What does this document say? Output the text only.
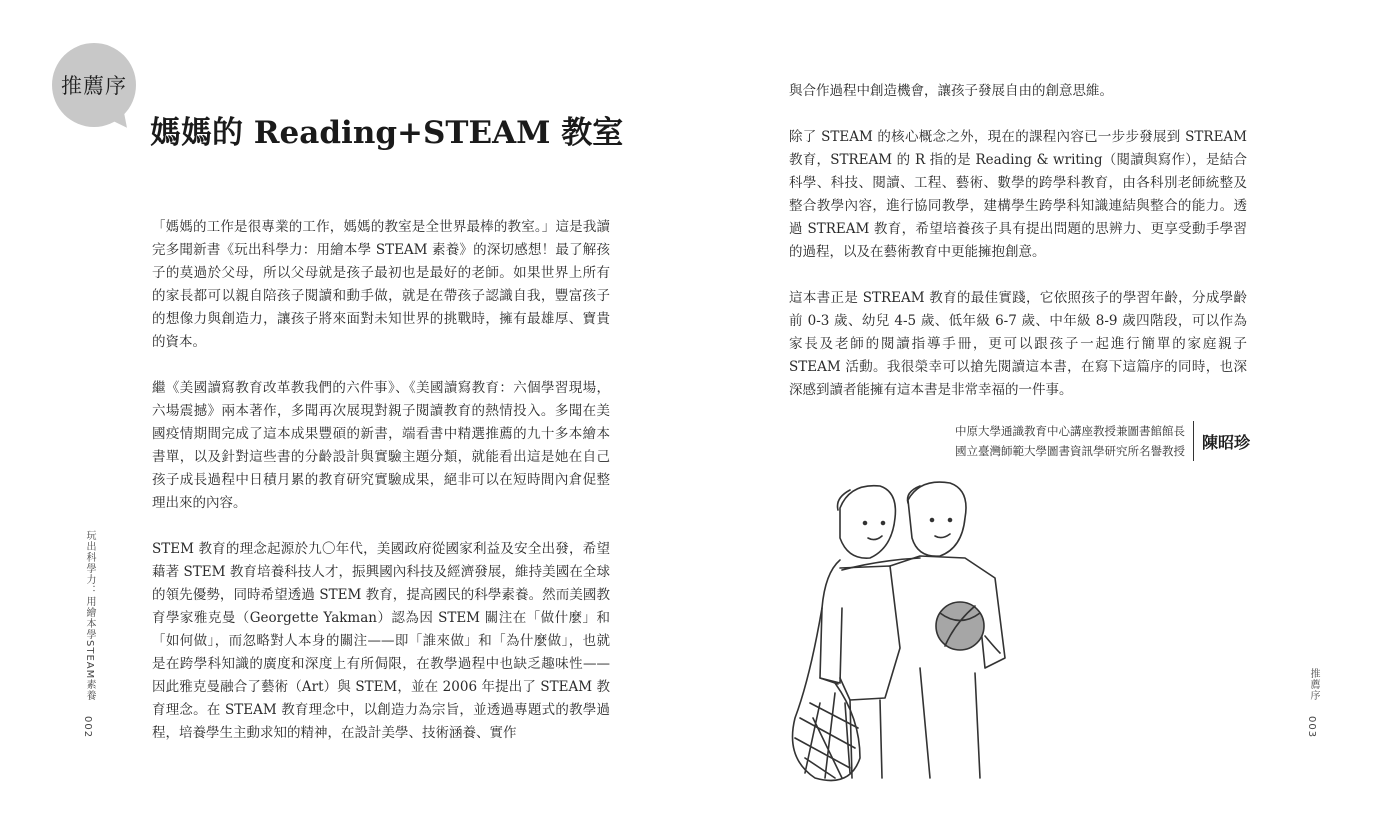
推薦序
媽媽的 Reading+STEAM 教室

「媽媽的工作是很專業的工作，媽媽的教室是全世界最棒的教室。」這是我讀完多聞新書《玩出科學力：用繪本學 STEAM 素養》的深切感想！最了解孩子的莫過於父母，所以父母就是孩子最初也是最好的老師。如果世界上所有的家長都可以親自陪孩子閱讀和動手做，就是在帶孩子認識自我，豐富孩子的想像力與創造力，讓孩子將來面對未知世界的挑戰時，擁有最雄厚、寶貴的資本。

繼《美國讀寫教育改革教我們的六件事》、《美國讀寫教育：六個學習現場，六場震撼》兩本著作，多聞再次展現對親子閱讀教育的熱情投入。多聞在美國疫情期間完成了這本成果豐碩的新書，端看書中精選推薦的九十多本繪本書單，以及針對這些書的分齡設計與實驗主題分類，就能看出這是她在自己孩子成長過程中日積月累的教育研究實驗成果，絕非可以在短時間內倉促整理出來的內容。

STEM 教育的理念起源於九〇年代，美國政府從國家利益及安全出發，希望藉著 STEM 教育培養科技人才，振興國內科技及經濟發展，維持美國在全球的領先優勢，同時希望透過 STEM 教育，提高國民的科學素養。然而美國教育學家雅克曼（Georgette Yakman）認為因 STEM 關注在「做什麼」和「如何做」，而忽略對人本身的關注——即「誰來做」和「為什麼做」，也就是在跨學科知識的廣度和深度上有所侷限，在教學過程中也缺乏趣味性——因此雅克曼融合了藝術（Art）與 STEM，並在 2006 年提出了 STEAM 教育理念。在 STEAM 教育理念中，以創造力為宗旨，並透過專題式的教學過程，培養學生主動求知的精神，在設計美學、技術涵養、實作

玩出科學力：用繪本學STEAM素養
002

與合作過程中創造機會，讓孩子發展自由的創意思維。

除了 STEAM 的核心概念之外，現在的課程內容已一步步發展到 STREAM 教育，STREAM 的 R 指的是 Reading & writing（閱讀與寫作），是結合科學、科技、閱讀、工程、藝術、數學的跨學科教育，由各科別老師統整及整合教學內容，進行協同教學，建構學生跨學科知識連結與整合的能力。透過 STREAM 教育，希望培養孩子具有提出問題的思辨力、更享受動手學習的過程，以及在藝術教育中更能擁抱創意。

這本書正是 STREAM 教育的最佳實踐，它依照孩子的學習年齡，分成學齡前 0-3 歲、幼兒 4-5 歲、低年級 6-7 歲、中年級 8-9 歲四階段，可以作為家長及老師的閱讀指導手冊，更可以跟孩子一起進行簡單的家庭親子 STEAM 活動。我很榮幸可以搶先閱讀這本書，在寫下這篇序的同時，也深深感到讀者能擁有這本書是非常幸福的一件事。

中原大學通識教育中心講座教授兼圖書館館長
國立臺灣師範大學圖書資訊學研究所名譽教授	陳昭珍
推薦序
003
